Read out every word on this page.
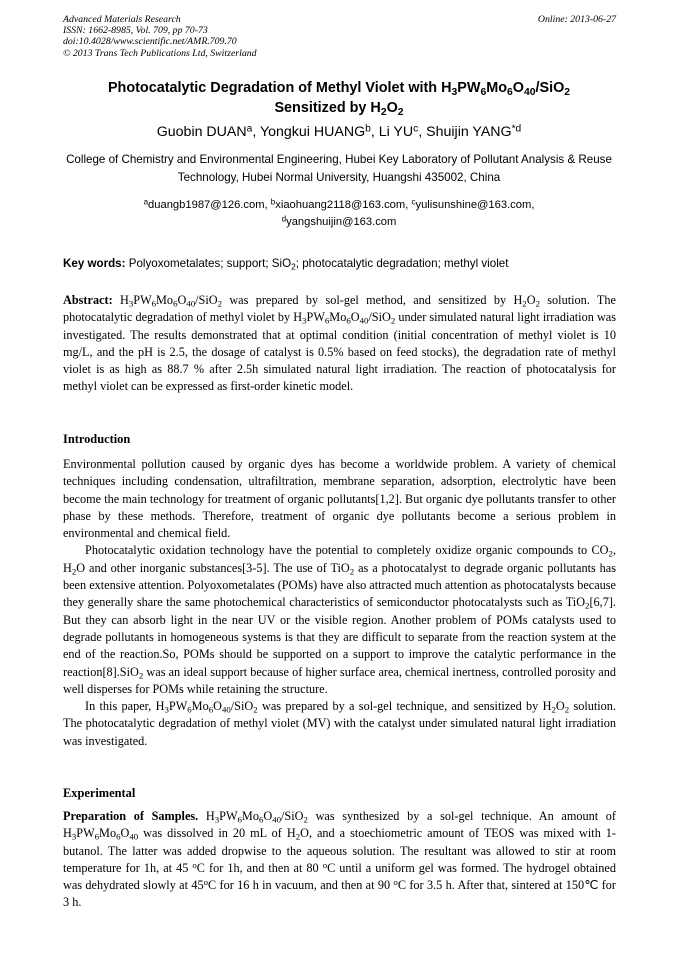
Advanced Materials Research
ISSN: 1662-8985, Vol. 709, pp 70-73
doi:10.4028/www.scientific.net/AMR.709.70
© 2013 Trans Tech Publications Ltd, Switzerland
Online: 2013-06-27
Photocatalytic Degradation of Methyl Violet with $H_3PW_6Mo_6O_{40}/SiO_2$
Sensitized by $H_2O_2$
Guobin DUAN$^a$, Yongkui HUANG$^b$, Li $YU^c$, Shuijin YANG$^{*d}$
College of Chemistry and Environmental Engineering, Hubei Key Laboratory of Pollutant Analysis & Reuse Technology, Hubei Normal University, Huangshi 435002, China
$^a$duangb1987@126.com, $^b$xiaohuang2118@163.com, $^c$yulisunshine@163.com,
$^d$yangshuijin@163.com
Key words: Polyoxometalates; support; SiO$_2$; photocatalytic degradation; methyl violet

Abstract: $H_3PW_6Mo_6O_{40}/SiO_2$ was prepared by sol-gel method, and sensitized by $H_2O_2$ solution. The photocatalytic degradation of methyl violet by $H_3PW_6Mo_6O_{40}/SiO_2$ under simulated natural light irradiation was investigated. The results demonstrated that at optimal condition (initial concentration of methyl violet is 10 mg/L, and the pH is 2.5, the dosage of catalyst is 0.5% based on feed stocks), the degradation rate of methyl violet is as high as 88.7 % after 2.5h simulated natural light irradiation. The reaction of photocatalysis for methyl violet can be expressed as first-order kinetic model.

Introduction

Environmental pollution caused by organic dyes has become a worldwide problem. A variety of chemical techniques including condensation, ultrafiltration, membrane separation, adsorption, electrolytic have been become the main technology for treatment of organic pollutants[1,2]. But organic dye pollutants transfer to other phase by these methods. Therefore, treatment of organic dye pollutants become a serious problem in environmental and chemical field.

Photocatalytic oxidation technology have the potential to completely oxidize organic compounds to $CO_2$, $H_2O$ and other inorganic substances[3-5]. The use of TiO$_2$ as a photocatalyst to degrade organic pollutants has been extensive attention. Polyoxometalates (POMs) have also attracted much attention as photocatalysts because they generally share the same photochemical characteristics of semiconductor photocatalysts such as TiO$_2$[6,7]. But they can absorb light in the near UV or the visible region. Another problem of POMs catalysts used to degrade pollutants in homogeneous systems is that they are difficult to separate from the reaction system at the end of the reaction.So, POMs should be supported on a support to improve the catalytic performance in the reaction[8].SiO$_2$ was an ideal support because of higher surface area, chemical inertness, controlled porosity and well disperses for POMs while retaining the structure.

In this paper, $H_3PW_6Mo_6O_{40}/SiO_2$ was prepared by a sol-gel technique, and sensitized by $H_2O_2$ solution. The photocatalytic degradation of methyl violet (MV) with the catalyst under simulated natural light irradiation was investigated.

Experimental

Preparation of Samples. $H_3PW_6Mo_6O_{40}/SiO_2$ was synthesized by a sol-gel technique. An amount of $H_3PW_6Mo_6O_{40}$ was dissolved in 20 mL of $H_2O$, and a stoechiometric amount of TEOS was mixed with 1-butanol. The latter was added dropwise to the aqueous solution. The resultant was allowed to stir at room temperature for 1h, at 45 $^o$C for 1h, and then at 80 $^o$C until a uniform gel was formed. The hydrogel obtained was dehydrated slowly at 45$^o$C for 16 h in vacuum, and then at 90 $^o$C for 3.5 h. After that, sintered at 150℃ for 3 h.
